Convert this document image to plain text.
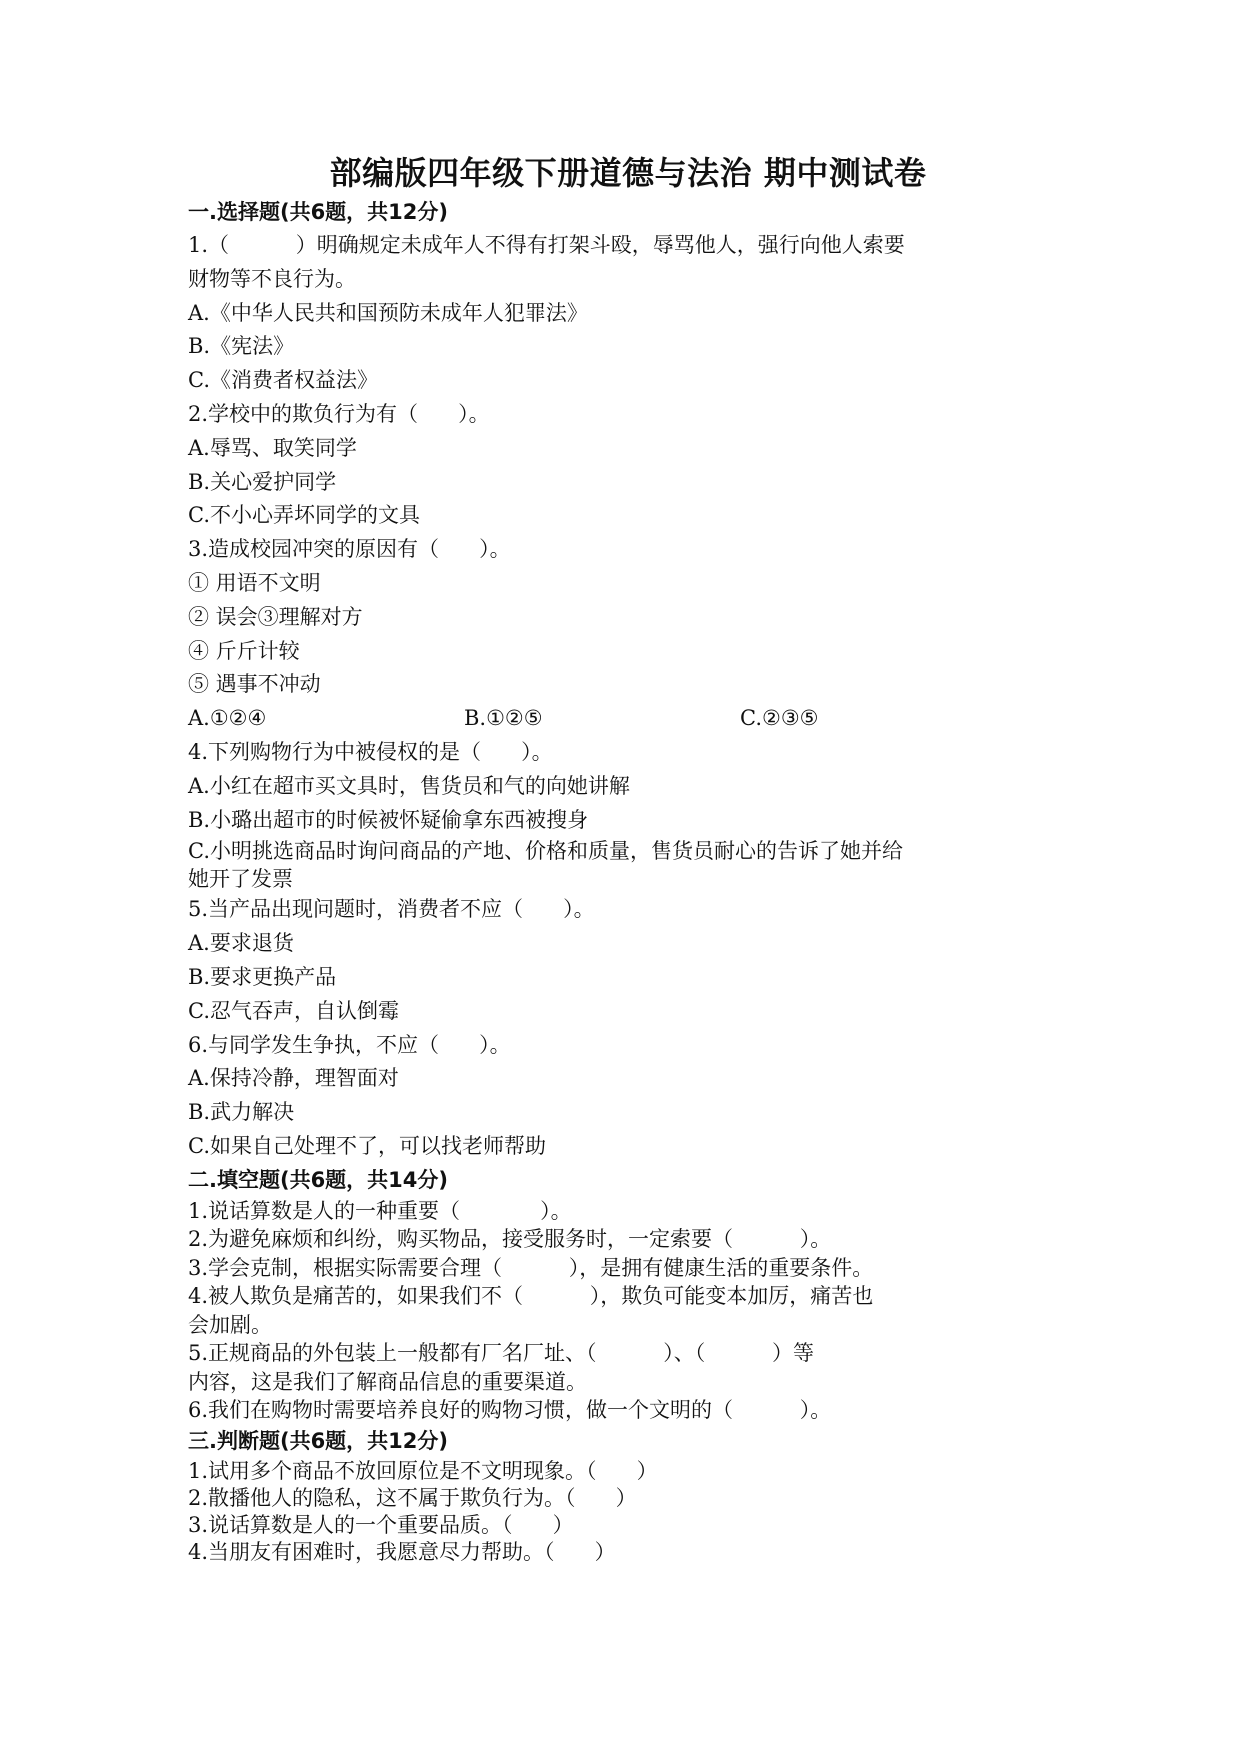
部编版四年级下册道德与法治 期中测试卷
一.选择题(共6题，共12分)
1.（          ）明确规定未成年人不得有打架斗殴，辱骂他人，强行向他人索要
财物等不良行为。
A.《中华人民共和国预防未成年人犯罪法》
B.《宪法》
C.《消费者权益法》
2.学校中的欺负行为有（      ）。
A.辱骂、取笑同学
B.关心爱护同学
C.不小心弄坏同学的文具
3.造成校园冲突的原因有（      ）。
① 用语不文明
② 误会③理解对方
④ 斤斤计较
⑤ 遇事不冲动
A.①②④	B.①②⑤	C.②③⑤
4.下列购物行为中被侵权的是（      ）。
A.小红在超市买文具时，售货员和气的向她讲解
B.小璐出超市的时候被怀疑偷拿东西被搜身
C.小明挑选商品时询问商品的产地、价格和质量，售货员耐心的告诉了她并给
她开了发票
5.当产品出现问题时，消费者不应（      ）。
A.要求退货
B.要求更换产品
C.忍气吞声，自认倒霉
6.与同学发生争执，不应（      ）。
A.保持冷静，理智面对
B.武力解决
C.如果自己处理不了，可以找老师帮助
二.填空题(共6题，共14分)
1.说话算数是人的一种重要（            ）。
2.为避免麻烦和纠纷，购买物品，接受服务时，一定索要（          ）。
3.学会克制，根据实际需要合理（          ），是拥有健康生活的重要条件。
4.被人欺负是痛苦的，如果我们不（          ），欺负可能变本加厉，痛苦也
会加剧。
5.正规商品的外包装上一般都有厂名厂址、（          ）、（          ）等
内容，这是我们了解商品信息的重要渠道。
6.我们在购物时需要培养良好的购物习惯，做一个文明的（          ）。
三.判断题(共6题，共12分)
1.试用多个商品不放回原位是不文明现象。（      ）
2.散播他人的隐私，这不属于欺负行为。（      ）
3.说话算数是人的一个重要品质。（      ）
4.当朋友有困难时，我愿意尽力帮助。（      ）
